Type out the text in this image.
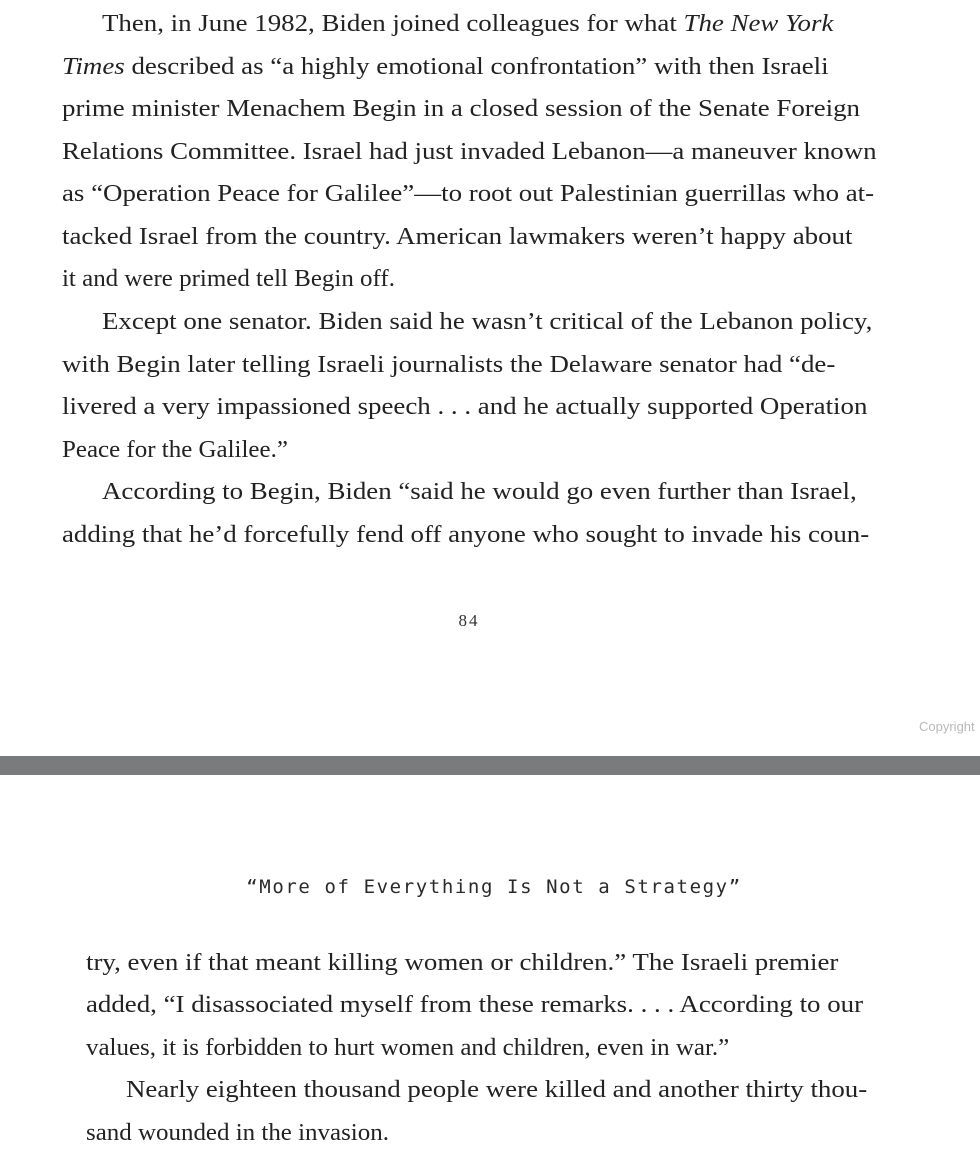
Then, in June 1982, Biden joined colleagues for what The New York
Times described as “a highly emotional confrontation” with then Israeli
prime minister Menachem Begin in a closed session of the Senate Foreign
Relations Committee. Israel had just invaded Lebanon—a maneuver known
as “Operation Peace for Galilee”—to root out Palestinian guerrillas who at-
tacked Israel from the country. American lawmakers weren’t happy about
it and were primed tell Begin off.
Except one senator. Biden said he wasn’t critical of the Lebanon policy,
with Begin later telling Israeli journalists the Delaware senator had “de-
livered a very impassioned speech . . . and he actually supported Operation
Peace for the Galilee.”
According to Begin, Biden “said he would go even further than Israel,
adding that he’d forcefully fend off anyone who sought to invade his coun-
84
Copyright
“More of Everything Is Not a Strategy”
try, even if that meant killing women or children.” The Israeli premier
added, “I disassociated myself from these remarks. . . . According to our
values, it is forbidden to hurt women and children, even in war.”
Nearly eighteen thousand people were killed and another thirty thou-
sand wounded in the invasion.
